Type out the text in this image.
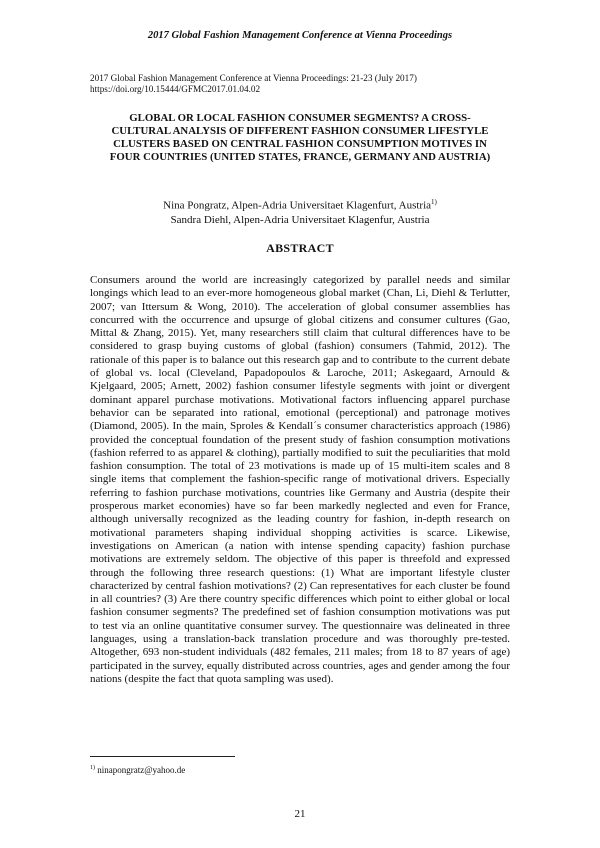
2017 Global Fashion Management Conference at Vienna Proceedings
2017 Global Fashion Management Conference at Vienna Proceedings: 21-23 (July 2017)
https://doi.org/10.15444/GFMC2017.01.04.02
GLOBAL OR LOCAL FASHION CONSUMER SEGMENTS? A CROSS-CULTURAL ANALYSIS OF DIFFERENT FASHION CONSUMER LIFESTYLE CLUSTERS BASED ON CENTRAL FASHION CONSUMPTION MOTIVES IN FOUR COUNTRIES (UNITED STATES, FRANCE, GERMANY AND AUSTRIA)
Nina Pongratz, Alpen-Adria Universitaet Klagenfurt, Austria$^{1)}$
Sandra Diehl, Alpen-Adria Universitaet Klagenfur, Austria
ABSTRACT
Consumers around the world are increasingly categorized by parallel needs and similar longings which lead to an ever-more homogeneous global market (Chan, Li, Diehl & Terlutter, 2007; van Ittersum & Wong, 2010). The acceleration of global consumer assemblies has concurred with the occurrence and upsurge of global citizens and consumer cultures (Gao, Mittal & Zhang, 2015). Yet, many researchers still claim that cultural differences have to be considered to grasp buying customs of global (fashion) consumers (Tahmid, 2012). The rationale of this paper is to balance out this research gap and to contribute to the current debate of global vs. local (Cleveland, Papadopoulos & Laroche, 2011; Askegaard, Arnould & Kjelgaard, 2005; Arnett, 2002) fashion consumer lifestyle segments with joint or divergent dominant apparel purchase motivations. Motivational factors influencing apparel purchase behavior can be separated into rational, emotional (perceptional) and patronage motives (Diamond, 2005). In the main, Sproles & Kendall´s consumer characteristics approach (1986) provided the conceptual foundation of the present study of fashion consumption motivations (fashion referred to as apparel & clothing), partially modified to suit the peculiarities that mold fashion consumption. The total of 23 motivations is made up of 15 multi-item scales and 8 single items that complement the fashion-specific range of motivational drivers. Especially referring to fashion purchase motivations, countries like Germany and Austria (despite their prosperous market economies) have so far been markedly neglected and even for France, although universally recognized as the leading country for fashion, in-depth research on motivational parameters shaping individual shopping activities is scarce. Likewise, investigations on American (a nation with intense spending capacity) fashion purchase motivations are extremely seldom. The objective of this paper is threefold and expressed through the following three research questions: (1) What are important lifestyle cluster characterized by central fashion motivations? (2) Can representatives for each cluster be found in all countries? (3) Are there country specific differences which point to either global or local fashion consumer segments? The predefined set of fashion consumption motivations was put to test via an online quantitative consumer survey. The questionnaire was delineated in three languages, using a translation-back translation procedure and was thoroughly pre-tested. Altogether, 693 non-student individuals (482 females, 211 males; from 18 to 87 years of age) participated in the survey, equally distributed across countries, ages and gender among the four nations (despite the fact that quota sampling was used).
$^{1)}$ ninapongratz@yahoo.de
21
